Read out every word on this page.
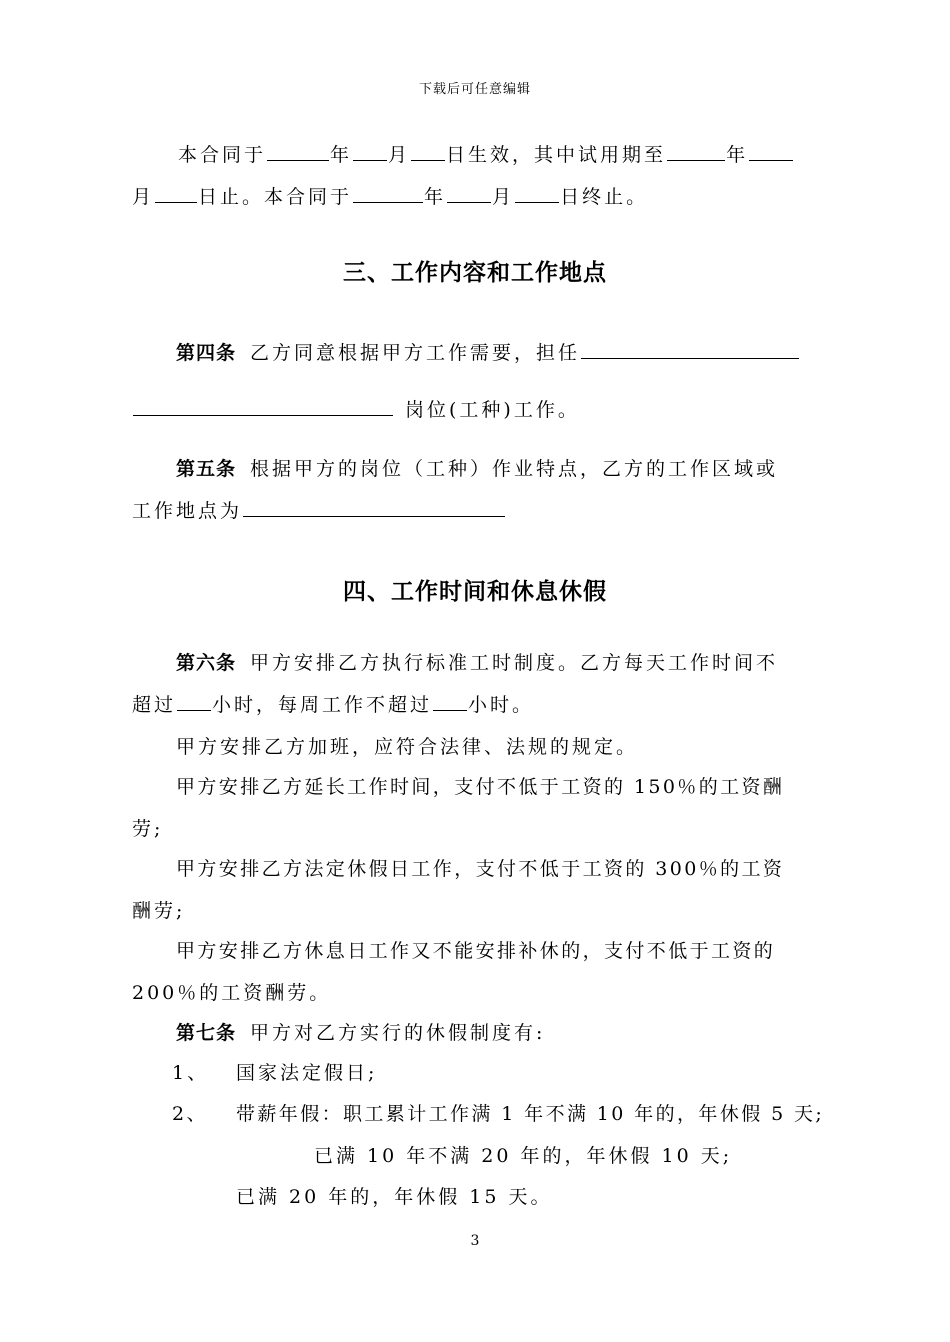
下载后可任意编辑
本合同于	年 月 日生效，其中试用期至	年
月 日止。本合同于	年 月 日终止。
三、工作内容和工作地点
第四条 乙方同意根据甲方工作需要，担任
岗位(工种)工作。
第五条 根据甲方的岗位（工种）作业特点，乙方的工作区域或
工作地点为
四、工作时间和休息休假
第六条 甲方安排乙方执行标准工时制度。乙方每天工作时间不
超过 小时，每周工作不超过 小时。
甲方安排乙方加班，应符合法律、法规的规定。
甲方安排乙方延长工作时间，支付不低于工资的 150％的工资酬
劳;
甲方安排乙方法定休假日工作，支付不低于工资的 300％的工资
酬劳;
甲方安排乙方休息日工作又不能安排补休的，支付不低于工资的
200％的工资酬劳。
第七条 甲方对乙方实行的休假制度有:
1、 国家法定假日;
2、 带薪年假：职工累计工作满 1 年不满 10 年的，年休假 5 天;
已满 10 年不满 20 年的，年休假 10 天;
已满 20 年的，年休假 15 天。
3
